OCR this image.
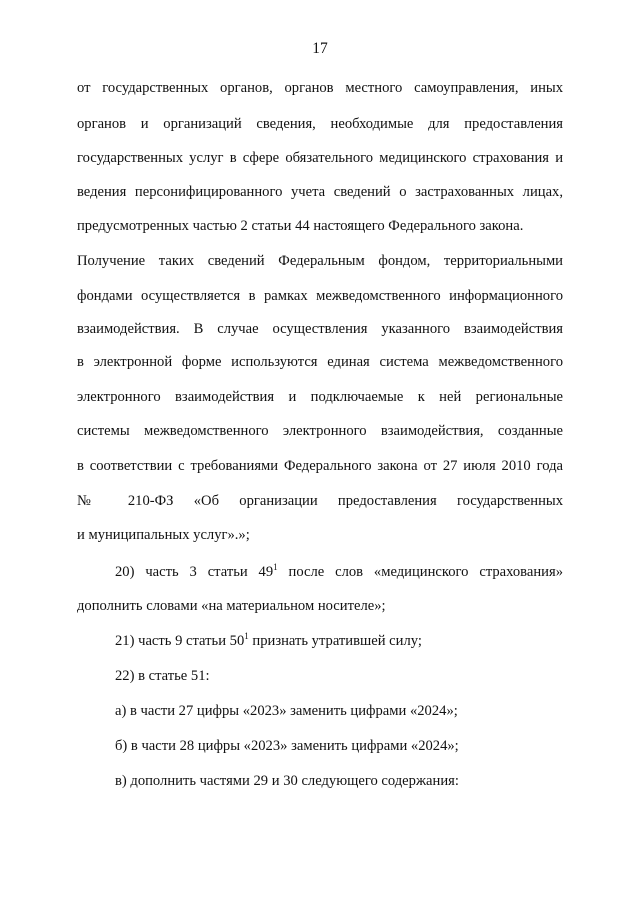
17
от государственных органов, органов местного самоуправления, иных
органов и организаций сведения, необходимые для предоставления
государственных услуг в сфере обязательного медицинского страхования и
ведения персонифицированного учета сведений о застрахованных лицах,
предусмотренных частью 2 статьи 44 настоящего Федерального закона.
Получение таких сведений Федеральным фондом, территориальными
фондами осуществляется в рамках межведомственного информационного
взаимодействия. В случае осуществления указанного взаимодействия
в электронной форме используются единая система межведомственного
электронного взаимодействия и подключаемые к ней региональные
системы межведомственного электронного взаимодействия, созданные
в соответствии с требованиями Федерального закона от 27 июля 2010 года
№ 210-ФЗ «Об организации предоставления государственных
и муниципальных услуг».»;
20) часть 3 статьи $49^1$ после слов «медицинского страхования»
дополнить словами «на материальном носителе»;
21) часть 9 статьи $50^1$ признать утратившей силу;
22) в статье 51:
а) в части 27 цифры «2023» заменить цифрами «2024»;
б) в части 28 цифры «2023» заменить цифрами «2024»;
в) дополнить частями 29 и 30 следующего содержания:
